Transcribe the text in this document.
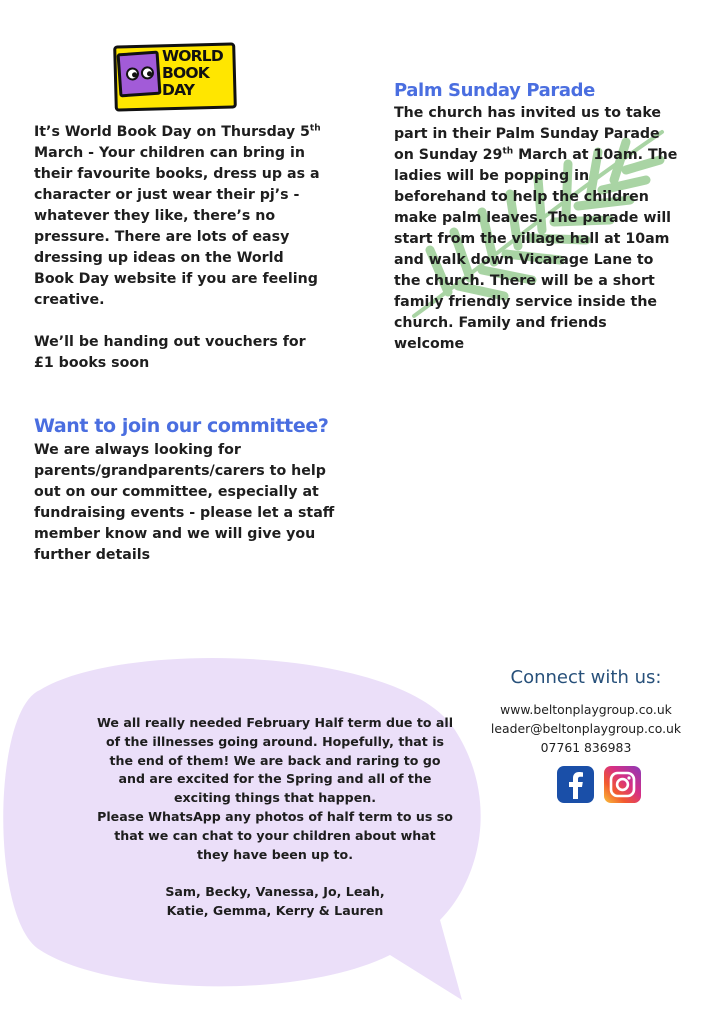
WORLD
BOOK
DAY
It’s World Book Day on Thursday 5th
March - Your children can bring in
their favourite books, dress up as a
character or just wear their pj’s -
whatever they like, there’s no
pressure. There are lots of easy
dressing up ideas on the World
Book Day website if you are feeling
creative.
We’ll be handing out vouchers for
£1 books soon
Palm Sunday Parade
The church has invited us to take
part in their Palm Sunday Parade
on Sunday 29th March at 10am. The
ladies will be popping in
beforehand to help the children
make palm leaves. The parade will
start from the village hall at 10am
and walk down Vicarage Lane to
the church. There will be a short
family friendly service inside the
church. Family and friends
welcome
Want to join our committee?
We are always looking for
parents/grandparents/carers to help
out on our committee, especially at
fundraising events - please let a staff
member know and we will give you
further details
We all really needed February Half term due to all
of the illnesses going around. Hopefully, that is
the end of them! We are back and raring to go
and are excited for the Spring and all of the
exciting things that happen.
Please WhatsApp any photos of half term to us so
that we can chat to your children about what
they have been up to.
Sam, Becky, Vanessa, Jo, Leah,
Katie, Gemma, Kerry & Lauren
Connect with us:
www.beltonplaygroup.co.uk
leader@beltonplaygroup.co.uk
07761 836983
